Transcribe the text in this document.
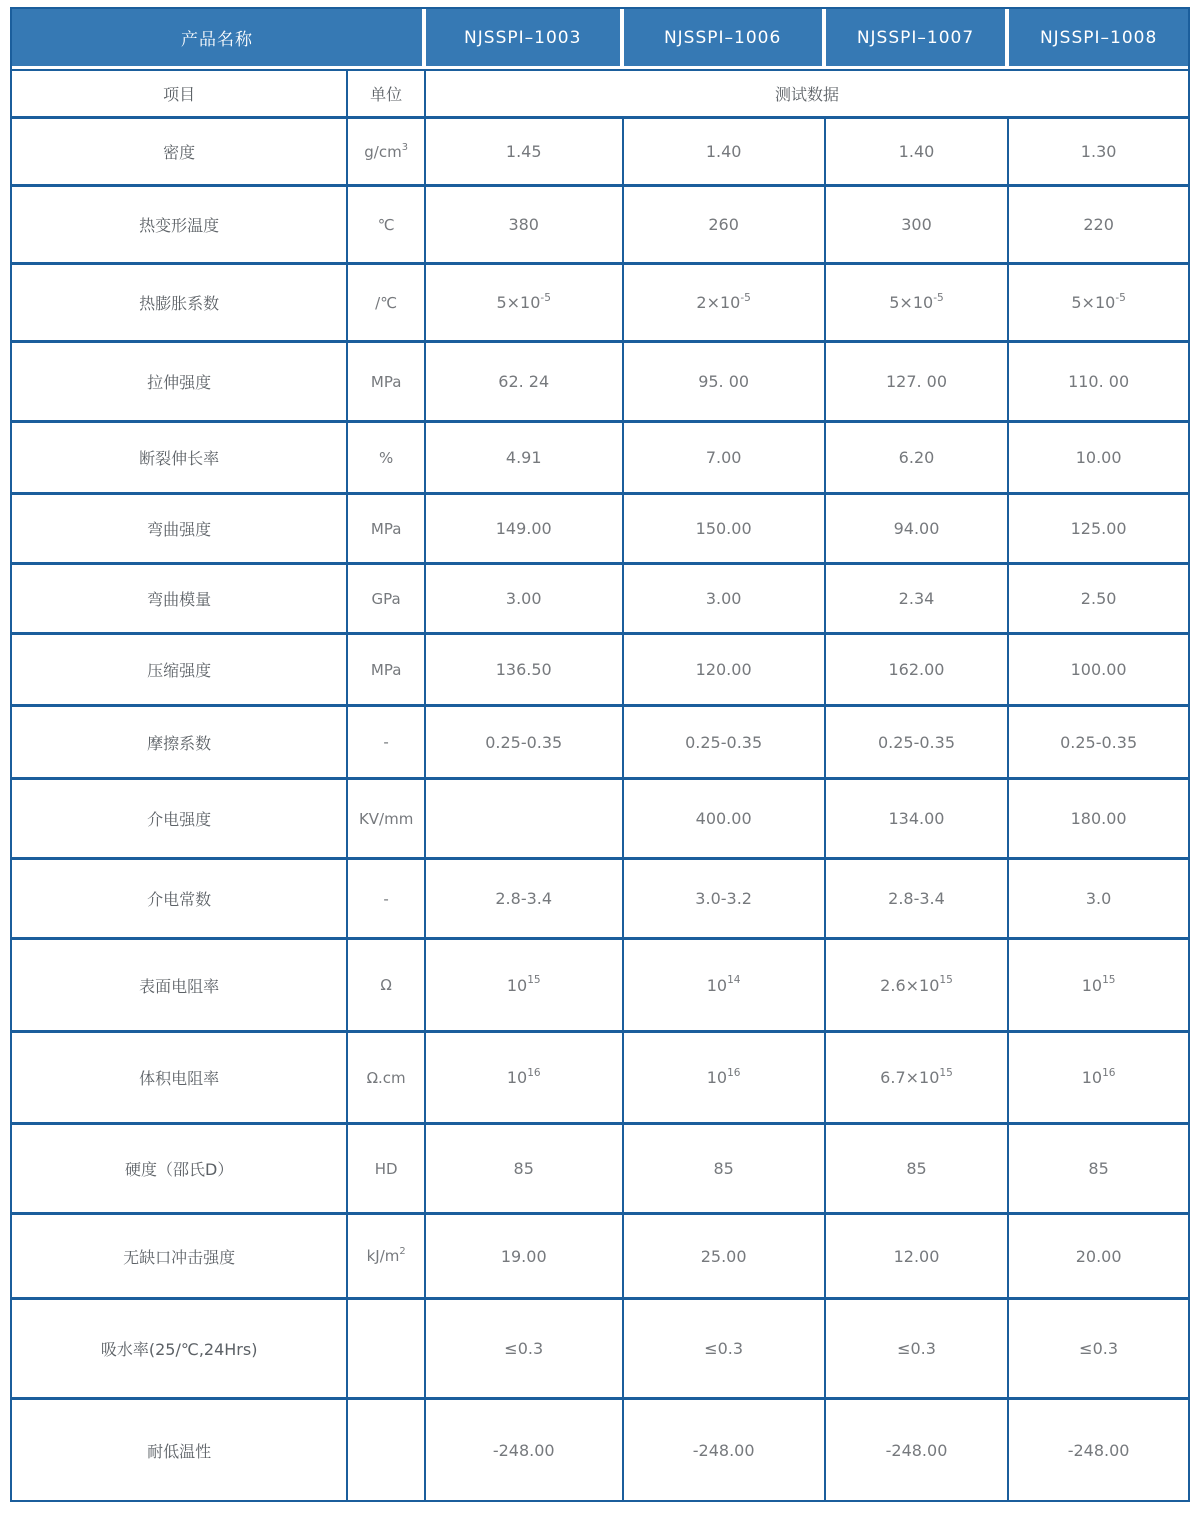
产品名称		NJSSPI–1003	NJSSPI–1006	NJSSPI–1007	NJSSPI–1008
项目	单位	测试数据			
密度	$g/cm^3$	1.45	1.40	1.40	1.30
热变形温度	℃	380	260	300	220
热膨胀系数	/℃	$5\times 10^{-5}$	$2\times 10^{-5}$	$5\times 10^{-5}$	$5\times 10^{-5}$
拉伸强度	MPa	62. 24	95. 00	127. 00	110. 00
断裂伸长率	%	4.91	7.00	6.20	10.00
弯曲强度	MPa	149.00	150.00	94.00	125.00
弯曲模量	GPa	3.00	3.00	2.34	2.50
压缩强度	MPa	136.50	120.00	162.00	100.00
摩擦系数	-	0.25-0.35	0.25-0.35	0.25-0.35	0.25-0.35
介电强度	KV/mm		400.00	134.00	180.00
介电常数	-	2.8-3.4	3.0-3.2	2.8-3.4	3.0
表面电阻率	Ω	$10^{15}$	$10^{14}$	$2.6\times 10^{15}$	$10^{15}$
体积电阻率	Ω.cm	$10^{16}$	$10^{16}$	$6.7\times 10^{15}$	$10^{16}$
硬度（邵氏D）	HD	85	85	85	85
无缺口冲击强度	$kJ/m^2$	19.00	25.00	12.00	20.00
吸水率(25/℃,24Hrs)		≤0.3	≤0.3	≤0.3	≤0.3
耐低温性		-248.00	-248.00	-248.00	-248.00
